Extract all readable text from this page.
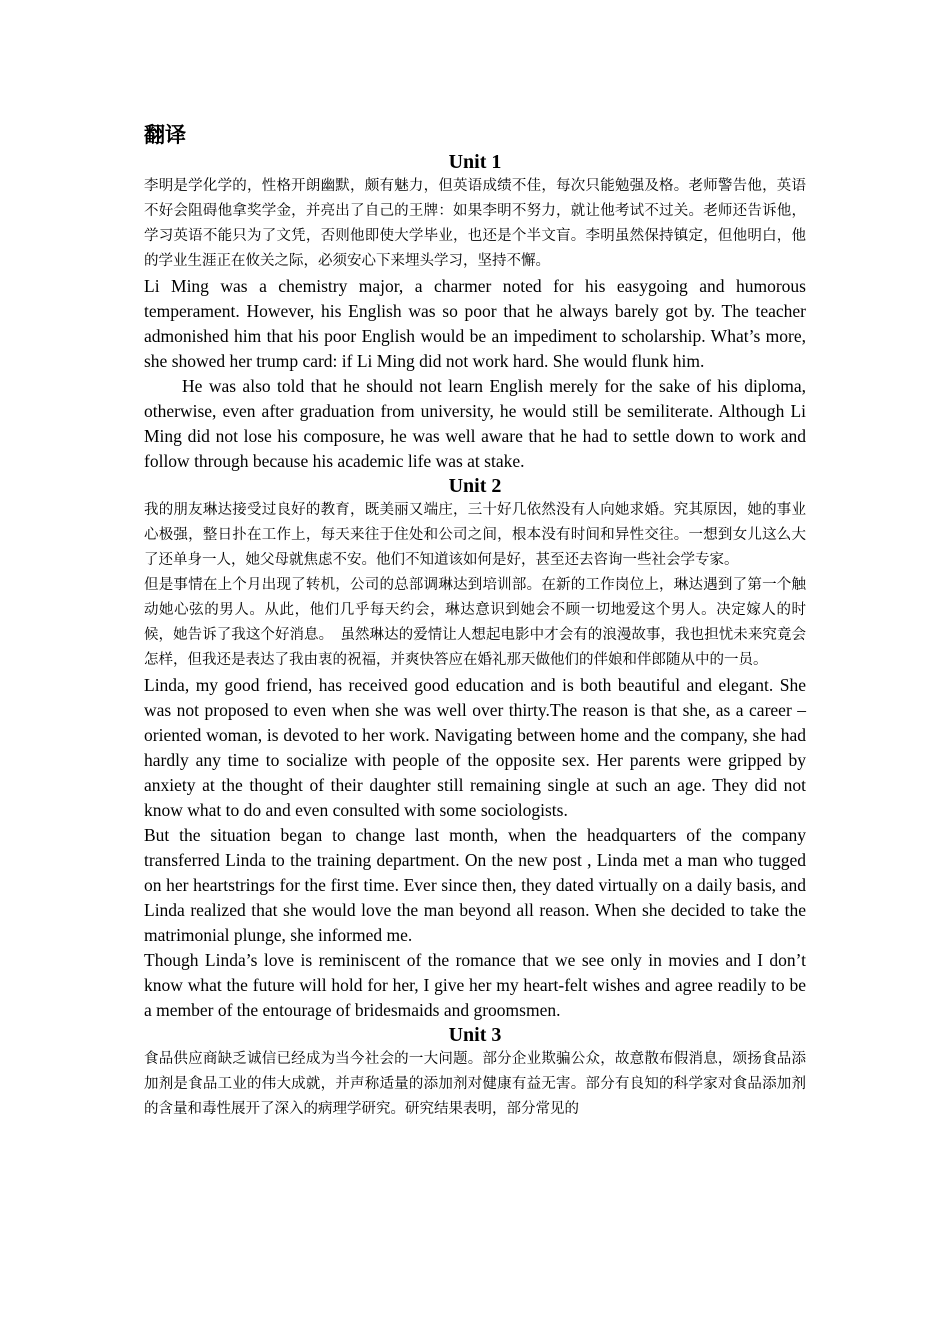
翻译
Unit 1

李明是学化学的，性格开朗幽默，颇有魅力，但英语成绩不佳，每次只能勉强及格。老师警告他，英语不好会阻碍他拿奖学金，并亮出了自己的王牌：如果李明不努力，就让他考试不过关。老师还告诉他，学习英语不能只为了文凭，否则他即使大学毕业，也还是个半文盲。李明虽然保持镇定，但他明白，他的学业生涯正在攸关之际，必须安心下来埋头学习，坚持不懈。

Li Ming was a chemistry major, a charmer noted for his easygoing and humorous temperament. However, his English was so poor that he always barely got by. The teacher admonished him that his poor English would be an impediment to scholarship. What’s more, she showed her trump card: if Li Ming did not work hard. She would flunk him.

He was also told that he should not learn English merely for the sake of his diploma, otherwise, even after graduation from university, he would still be semiliterate. Although Li Ming did not lose his composure, he was well aware that he had to settle down to work and follow through because his academic life was at stake.

Unit 2

我的朋友琳达接受过良好的教育，既美丽又端庄，三十好几依然没有人向她求婚。究其原因，她的事业心极强，整日扑在工作上，每天来往于住处和公司之间，根本没有时间和异性交往。一想到女儿这么大了还单身一人，她父母就焦虑不安。他们不知道该如何是好，甚至还去咨询一些社会学专家。

但是事情在上个月出现了转机，公司的总部调琳达到培训部。在新的工作岗位上，琳达遇到了第一个触动她心弦的男人。从此，他们几乎每天约会，琳达意识到她会不顾一切地爱这个男人。决定嫁人的时候，她告诉了我这个好消息。　虽然琳达的爱情让人想起电影中才会有的浪漫故事，我也担忧未来究竟会怎样，但我还是表达了我由衷的祝福，并爽快答应在婚礼那天做他们的伴娘和伴郎随从中的一员。

Linda, my good friend, has received good education and is both beautiful and elegant. She was not proposed to even when she was well over thirty.The reason is that she, as a career –oriented woman, is devoted to her work. Navigating between home and the company, she had hardly any time to socialize with people of the opposite sex. Her parents were gripped by anxiety at the thought of their daughter still remaining single at such an age. They did not know what to do and even consulted with some sociologists.

But the situation began to change last month, when the headquarters of the company transferred Linda to the training department. On the new post , Linda met a man who tugged on her heartstrings for the first time. Ever since then, they dated virtually on a daily basis, and Linda realized that she would love the man beyond all reason. When she decided to take the matrimonial plunge, she informed me.

Though Linda’s love is reminiscent of the romance that we see only in movies and I don’t know what the future will hold for her, I give her my heart-felt wishes and agree readily to be a member of the entourage of bridesmaids and groomsmen.

Unit 3

食品供应商缺乏诚信已经成为当今社会的一大问题。部分企业欺骗公众，故意散布假消息，颂扬食品添加剂是食品工业的伟大成就，并声称适量的添加剂对健康有益无害。部分有良知的科学家对食品添加剂的含量和毒性展开了深入的病理学研究。研究结果表明，部分常见的
